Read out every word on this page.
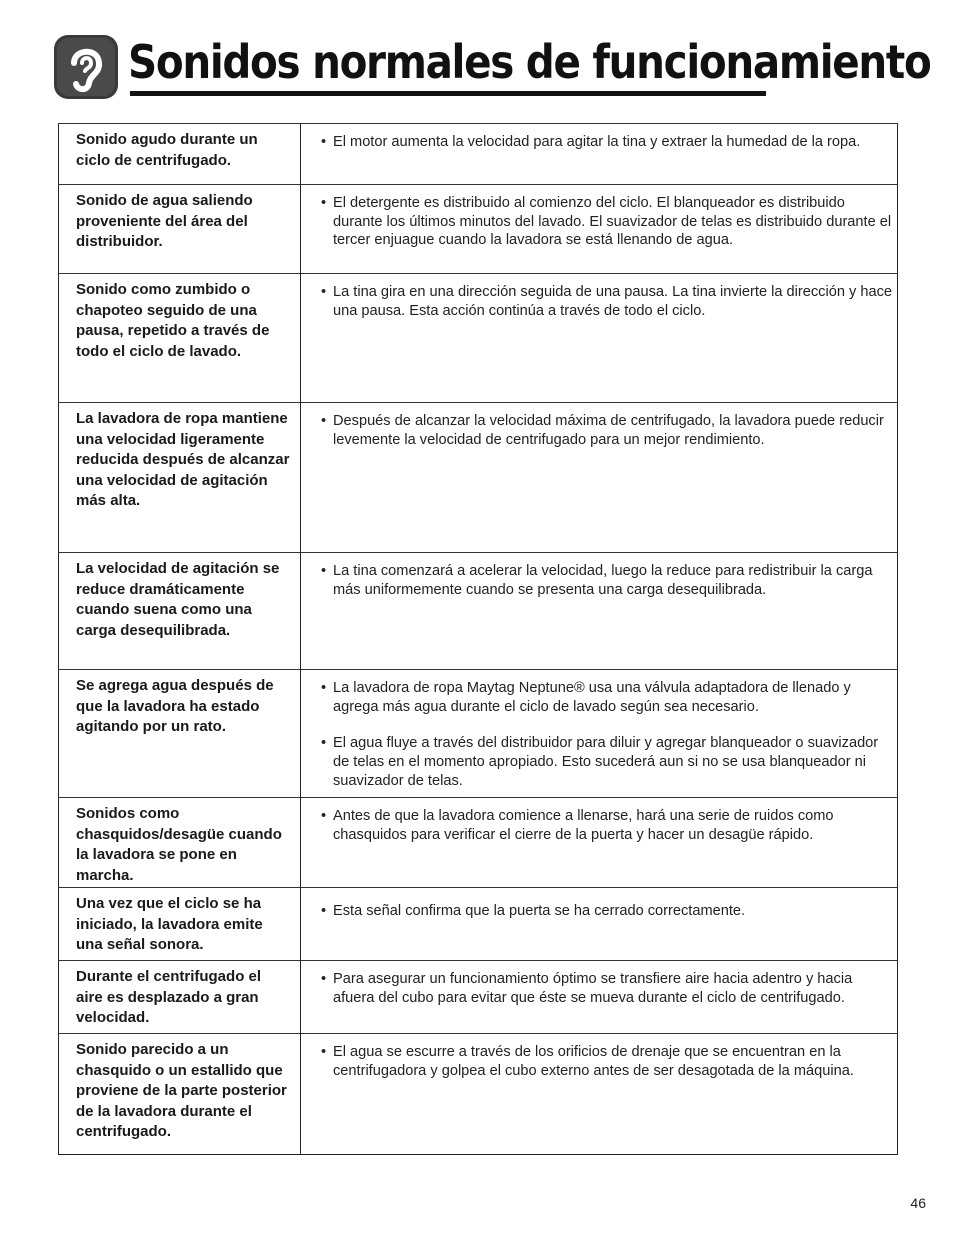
Sonidos normales de funcionamiento
Sonido agudo durante un ciclo de centrifugado.	• El motor aumenta la velocidad para agitar la tina y extraer la humedad de la ropa.

Sonido de agua saliendo proveniente del área del distribuidor.	• El detergente es distribuido al comienzo del ciclo. El blanqueador es distribuido durante los últimos minutos del lavado. El suavizador de telas es distribuido durante el tercer enjuague cuando la lavadora se está llenando de agua.

Sonido como zumbido o chapoteo seguido de una pausa, repetido a través de todo el ciclo de lavado.	• La tina gira en una dirección seguida de una pausa. La tina invierte la dirección y hace una pausa. Esta acción continúa a través de todo el ciclo.

La lavadora de ropa mantiene una velocidad ligeramente reducida después de alcanzar una velocidad de agitación más alta.	• Después de alcanzar la velocidad máxima de centrifugado, la lavadora puede reducir levemente la velocidad de centrifugado para un mejor rendimiento.

La velocidad de agitación se reduce dramáticamente cuando suena como una carga desequilibrada.	• La tina comenzará a acelerar la velocidad, luego la reduce para redistribuir la carga más uniformemente cuando se presenta una carga desequilibrada.

Se agrega agua después de que la lavadora ha estado agitando por un rato.	• La lavadora de ropa Maytag Neptune® usa una válvula adaptadora de llenado y agrega más agua durante el ciclo de lavado según sea necesario.
• El agua fluye a través del distribuidor para diluir y agregar blanqueador o suavizador de telas en el momento apropiado. Esto sucederá aun si no se usa blanqueador ni suavizador de telas.

Sonidos como chasquidos/desagüe cuando la lavadora se pone en marcha.	• Antes de que la lavadora comience a llenarse, hará una serie de ruidos como chasquidos para verificar el cierre de la puerta y hacer un desagüe rápido.

Una vez que el ciclo se ha iniciado, la lavadora emite una señal sonora.	• Esta señal confirma que la puerta se ha cerrado correctamente.

Durante el centrifugado el aire es desplazado a gran velocidad.	• Para asegurar un funcionamiento óptimo se transfiere aire hacia adentro y hacia afuera del cubo para evitar que éste se mueva durante el ciclo de centrifugado.

Sonido parecido a un chasquido o un estallido que proviene de la parte posterior de la lavadora durante el centrifugado.	• El agua se escurre a través de los orificios de drenaje que se encuentran en la centrifugadora y golpea el cubo externo antes de ser desagotada de la máquina.
46
